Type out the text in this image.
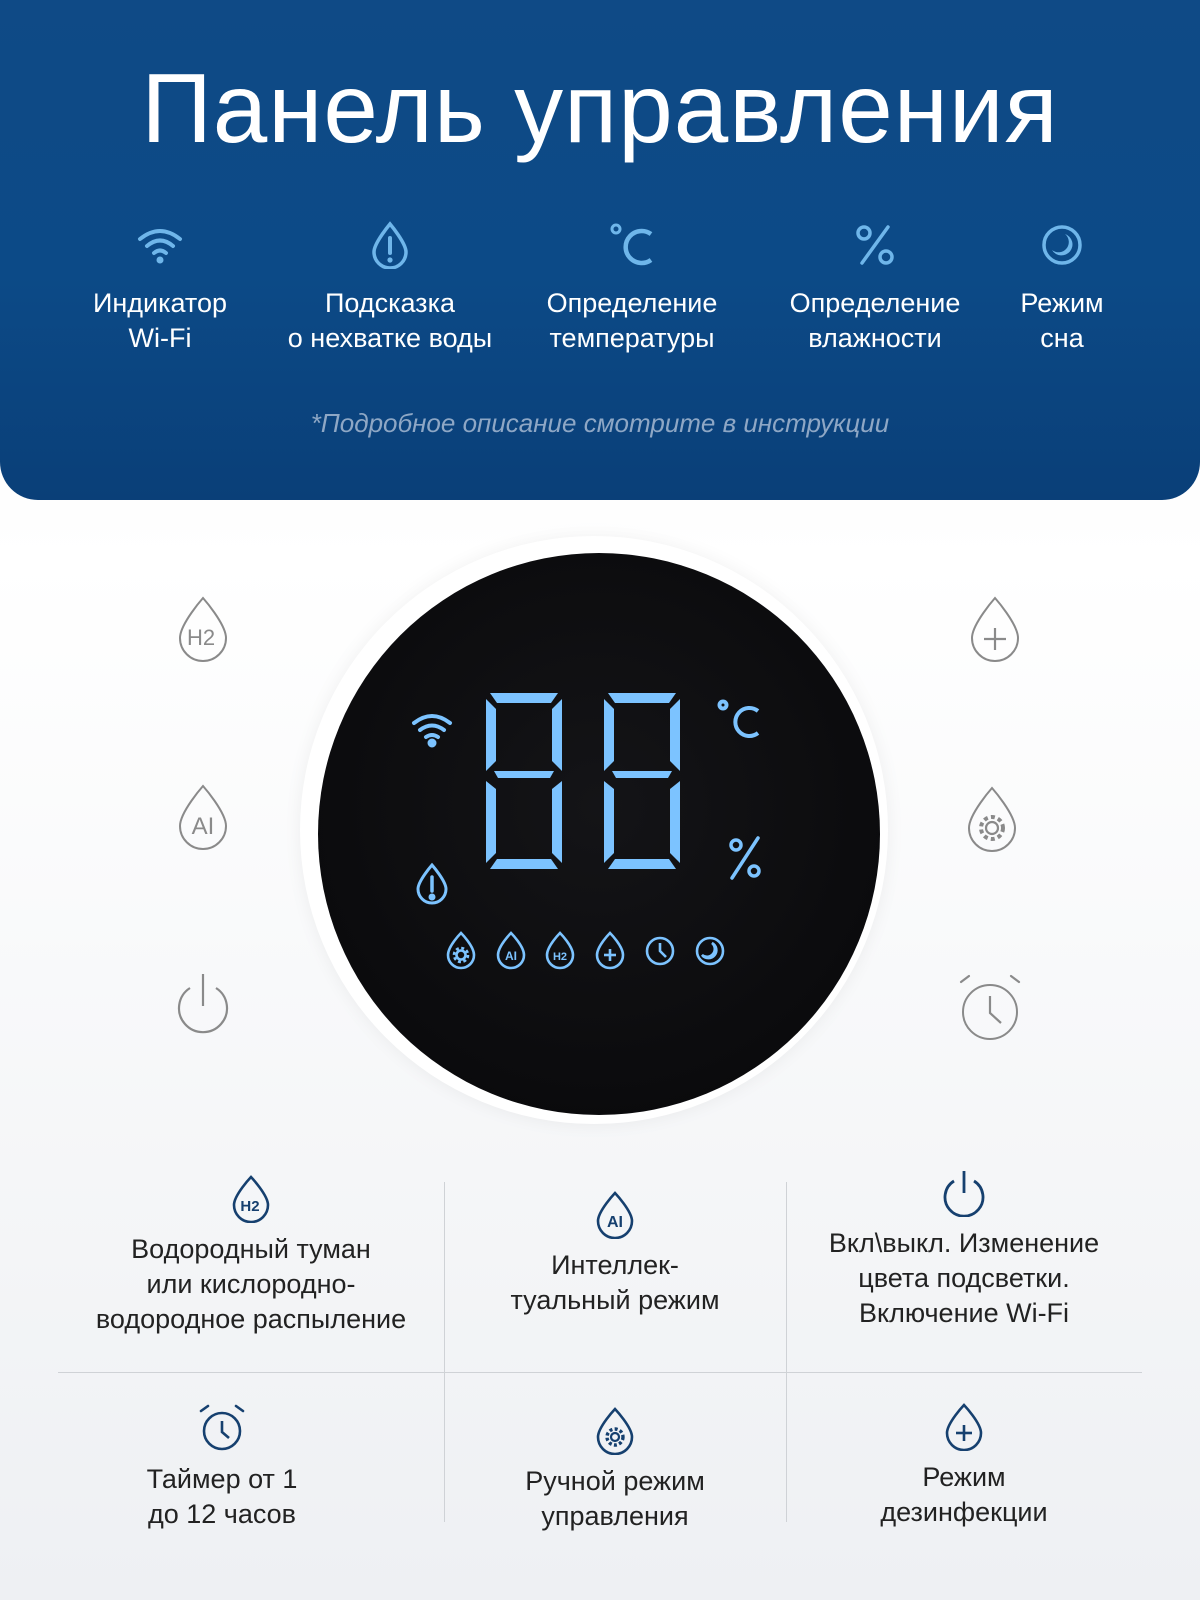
Панель управления
Индикатор
Wi-Fi
Подсказка
о нехватке воды
Определение
температуры
Определение
влажности
Режим
сна
*Подробное описание смотрите в инструкции
AI	H2
H2
AI
H2
Водородный туман
или кислородно-
водородное распыление
AI
Интеллек-
туальный режим
Вкл\выкл. Изменение
цвета подсветки.
Включение Wi-Fi
Таймер от 1
до 12 часов
Ручной режим
управления
Режим
дезинфекции
